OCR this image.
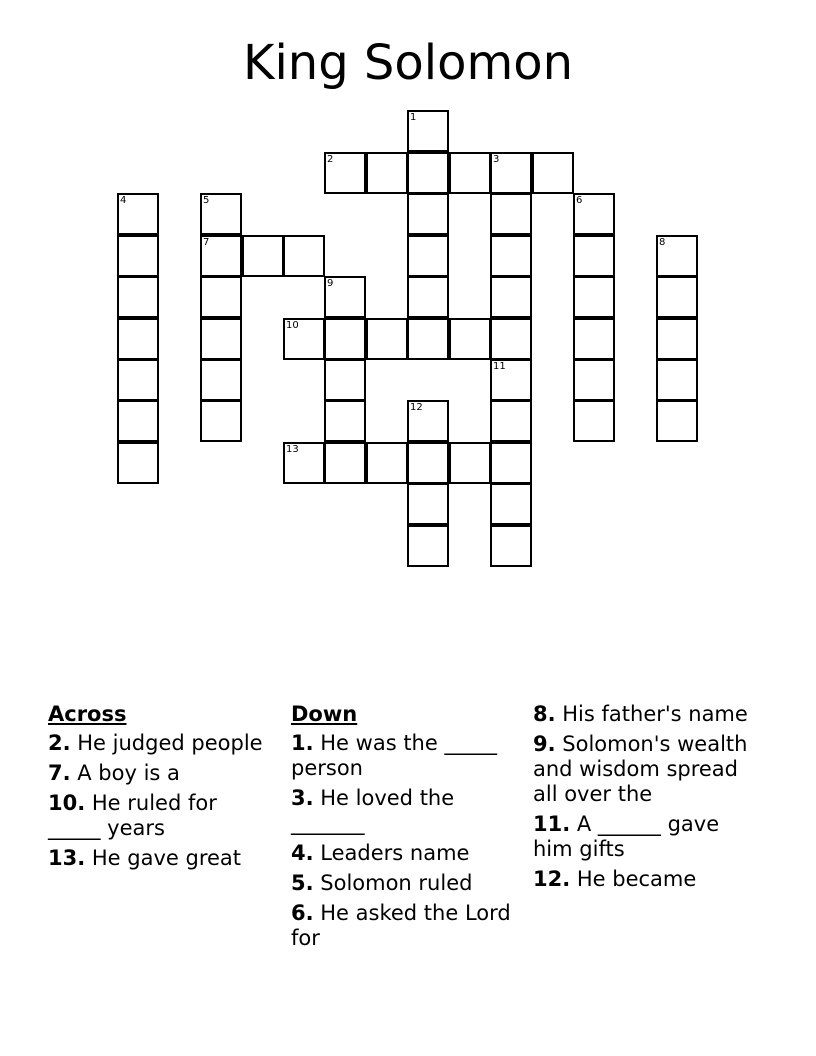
King Solomon
1
2	3
4	5	6
7	8
9
10
11
12
13
Across
2. He judged people
7. A boy is a
10. He ruled for _____ years
13. He gave great
Down
1. He was the _____ person
3. He loved the _______
4. Leaders name
5. Solomon ruled
6. He asked the Lord for
8. His father's name
9. Solomon's wealth and wisdom spread all over the
11. A ______ gave him gifts
12. He became
